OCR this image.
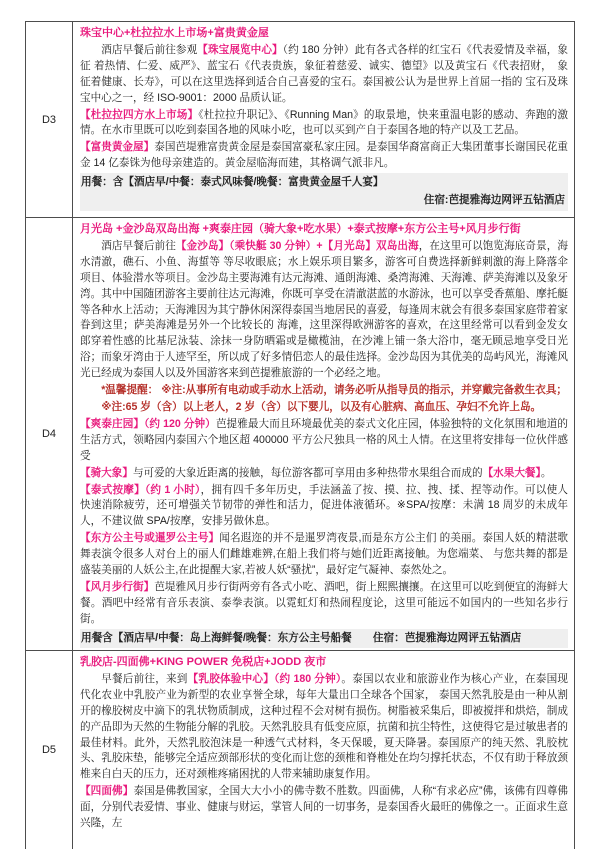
D3

珠宝中心+杜拉拉水上市场+富贵黄金屋

酒店早餐后前往参观【珠宝展览中心】（约 180 分钟）此有各式各样的红宝石《代表爱情及幸福，象征 着热情、仁爱、威严》、蓝宝石《代表贵族，象征着慈爱、诚实、德望》以及黄宝石《代表招财，　象征着健康、长寿》，可以在这里选择到适合自己喜爱的宝石。泰国被公认为是世界上首屈一指的 宝石及珠宝中心之一，经 ISO-9001：2000 品质认证。

【杜拉拉四方水上市场】《杜拉拉升职记》、《Running Man》的取景地，快来重温电影的感动、奔跑的激情。在水市里既可以吃到泰国各地的风味小吃，也可以买到产自于泰国各地的特产以及工艺品。

【富贵黄金屋】泰国芭堤雅富贵黄金屋是泰国富豪私家庄园。是泰国华裔富商正大集团董事长谢国民花重金 14 亿泰铢为他母亲建造的。黄金屋临海而建，其格调气派非凡。

用餐：含【酒店早/中餐：泰式风味餐/晚餐：富贵黄金屋千人宴】

住宿:芭提雅海边网评五钻酒店

D4

月光岛 +金沙岛双岛出海 +爽泰庄园（骑大象+吃水果）+泰式按摩+东方公主号+风月步行街

酒店早餐后前往【金沙岛】（乘快艇 30 分钟）+【月光岛】双岛出海，在这里可以饱览海底奇景，海水清澈，礁石、小鱼、海蜇等 等尽收眼底；水上娱乐项目繁多，游客可自费选择新鲜刺激的海上降落伞项目、体验潜水等项目。金沙岛主要海滩有达元海滩、通朗海滩、桑湾海滩、天海滩、萨美海滩以及象牙湾。其中中国随团游客主要前往达元海滩，你既可享受在清澈湛蓝的水游泳，也可以享受香蕉船、摩托艇等各种水上活动；天海滩因为其宁静休闲深得泰国当地居民的喜爱，每逢周末就会有很多泰国家庭带着家眷到这里；萨美海滩是另外一个比较长的 海滩，这里深得欧洲游客的喜欢，在这里经常可以看到金发女郎穿着性感的比基尼泳装、涂抹一身防晒霜或是橄榄油，在沙滩上铺一条大浴巾，毫无顾忌地享受日光浴；而象牙湾由于人迹罕至，所以成了好多情侣恋人的最佳选择。金沙岛因为其优美的岛屿风光，海滩风光已经成为泰国人以及外国游客来到芭提雅旅游的一个必经之地。

*温馨提醒： ※注:从事所有电动或手动水上活动，请务必听从指导员的指示，并穿戴完备救生衣具；

※注:65 岁（含）以上老人，2 岁（含）以下婴儿，以及有心脏病、高血压、孕妇不允许上岛。

【爽泰庄园】（约 120 分钟）芭提雅最大而且环境最优美的泰式文化庄园，体验独特的文化氛围和地道的生活方式，领略园内泰国六个地区超 400000 平方公尺独具一格的风土人情。在这里将安排每一位伙伴感受

【骑大象】与可爱的大象近距离的接触，每位游客都可享用由多种热带水果组合而成的【水果大餐】。

【泰式按摩】（约 1 小时），拥有四千多年历史，手法涵盖了按、摸、拉、拽、揉、捏等动作。可以使人快速消除疲劳，还可增强关节韧带的弹性和活力，促进体液循环。※SPA/按摩：未满 18 周岁的未成年人，不建议做 SPA/按摩，安排另做休息。

【东方公主号或暹罗公主号】闻名遐迩的并不是暹罗湾夜景,而是东方公主们 的美丽。泰国人妖的精湛歌舞表演令很多人对台上的丽人们雌雄难辨,在船上我们将与她们近距离接触。为您端菜、 与您共舞的都是盛装美丽的人妖公主,在此提醒大家,若被人妖“骚扰”，最好定气凝神、泰然处之。

【风月步行街】芭堤雅风月步行街两旁有各式小吃、酒吧，街上熙熙攘攘。在这里可以吃到便宜的海鲜大餐。酒吧中经常有音乐表演、泰拳表演。以霓虹灯和热闹程度论，这里可能远不如国内的一些知名步行街。

用餐含【酒店早/中餐：岛上海鲜餐/晚餐：东方公主号船餐　　住宿：芭提雅海边网评五钻酒店

D5

乳胶店-四面佛+KING POWER 免税店+JODD 夜市

早餐后前往，来到【乳胶体验中心】（约 180 分钟）。泰国以农业和旅游业作为核心产业，在泰国现代化农业中乳胶产业为新型的农业享誉全球，每年大量出口全球各个国家， 泰国天然乳胶是由一种从割开的橡胶树皮中滴下的乳状物质制成，这种过程不会对树有损伤。树脂被采集后，即被搅拌和烘焙，制成的产品即为天然的生物能分解的乳胶。天然乳胶具有低变应原，抗菌和抗尘特性，这使得它是过敏患者的最佳材料。此外，天然乳胶泡沫是一种透气式材料，冬天保暖，夏天降暑。泰国原产的纯天然、乳胶枕头、乳胶床垫，能够完全适应颈部形状的变化而让您的颈椎和脊椎处在均匀撑托状态，不仅有助于释放颈椎来自白天的压力，还对颈椎疼痛困扰的人带来辅助康复作用。

【四面佛】泰国是佛教国家，全国大大小小的佛寺数不胜数。四面佛，人称“有求必应”佛，该佛有四尊佛面，分别代表爱情、事业、健康与财运，掌管人间的一切事务，是泰国香火最旺的佛像之一。正面求生意兴隆，左
